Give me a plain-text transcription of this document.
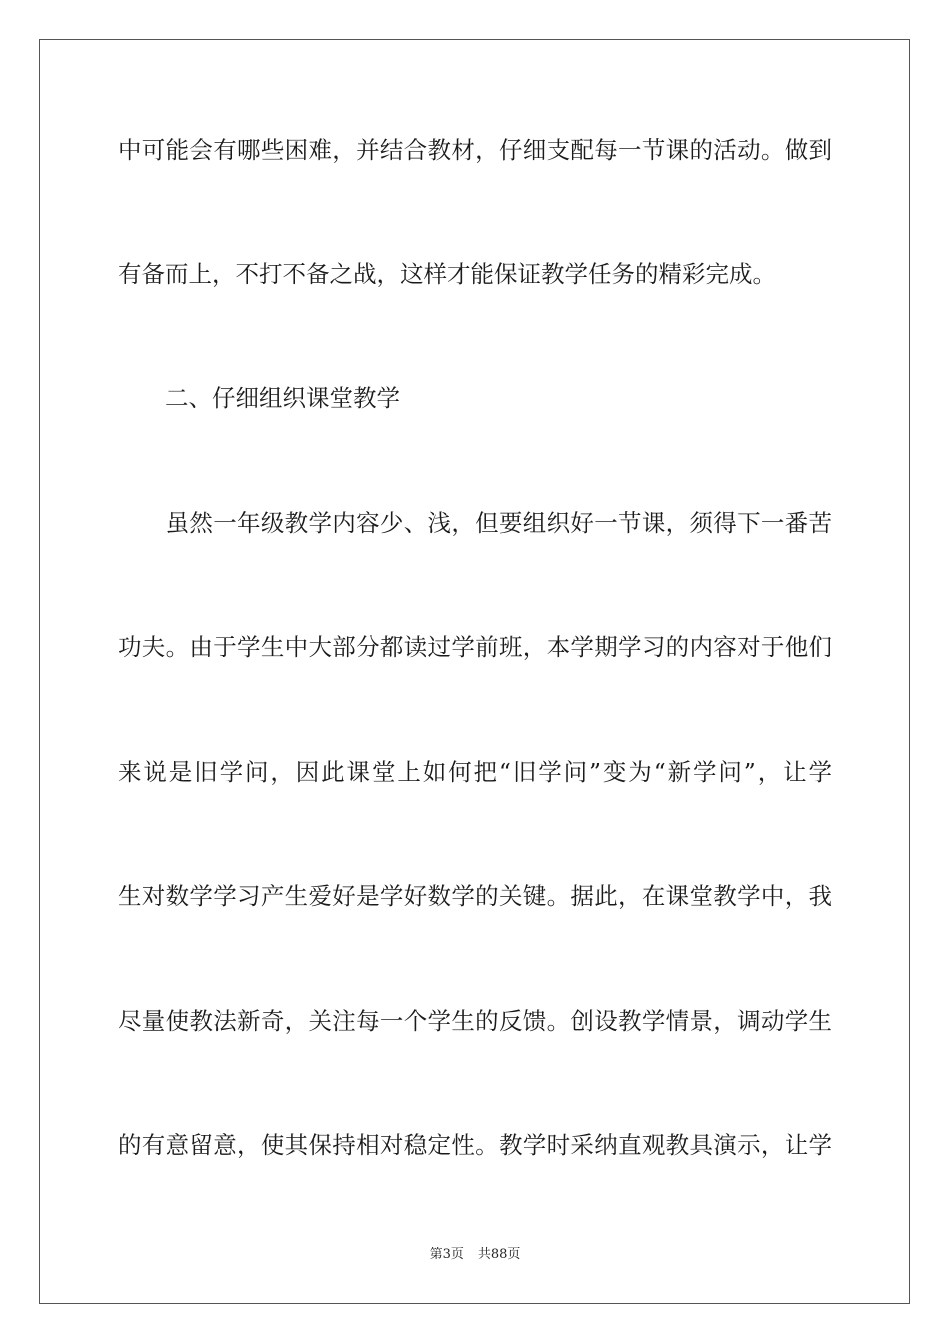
中可能会有哪些困难，并结合教材，仔细支配每一节课的活动。做到
有备而上，不打不备之战，这样才能保证教学任务的精彩完成。
二、仔细组织课堂教学
　　虽然一年级教学内容少、浅，但要组织好一节课，须得下一番苦
功夫。由于学生中大部分都读过学前班，本学期学习的内容对于他们
来说是旧学问，因此课堂上如何把“旧学问”变为“新学问”，让学
生对数学学习产生爱好是学好数学的关键。据此，在课堂教学中，我
尽量使教法新奇，关注每一个学生的反馈。创设教学情景，调动学生
的有意留意，使其保持相对稳定性。教学时采纳直观教具演示，让学
第3页 共88页
